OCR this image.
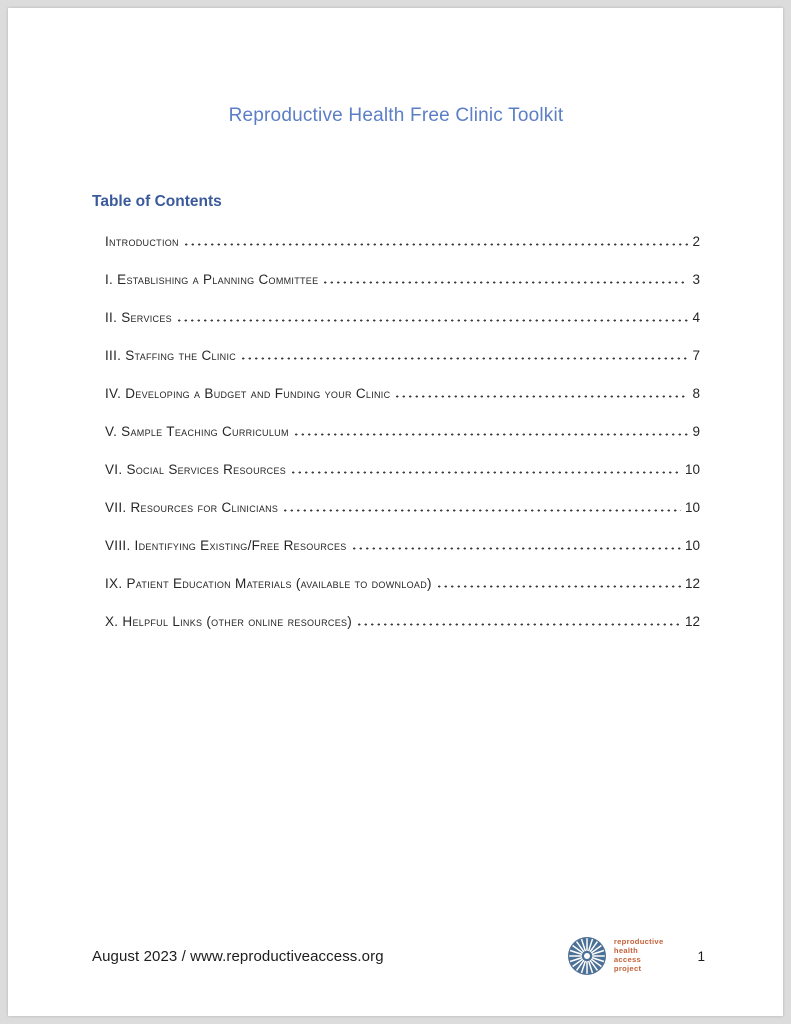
Reproductive Health Free Clinic Toolkit
Table of Contents
Introduction	2
I. Establishing a Planning Committee	3
II. Services	4
III. Staffing the Clinic	7
IV. Developing a Budget and Funding your Clinic	8
V. Sample Teaching Curriculum	9
VI. Social Services Resources	10
VII. Resources for Clinicians	10
VIII. Identifying Existing/Free Resources	10
IX. Patient Education Materials (available to download)	12
X. Helpful Links (other online resources)	12
August 2023 / www.reproductiveaccess.org
reproductive
health
access
project
1
